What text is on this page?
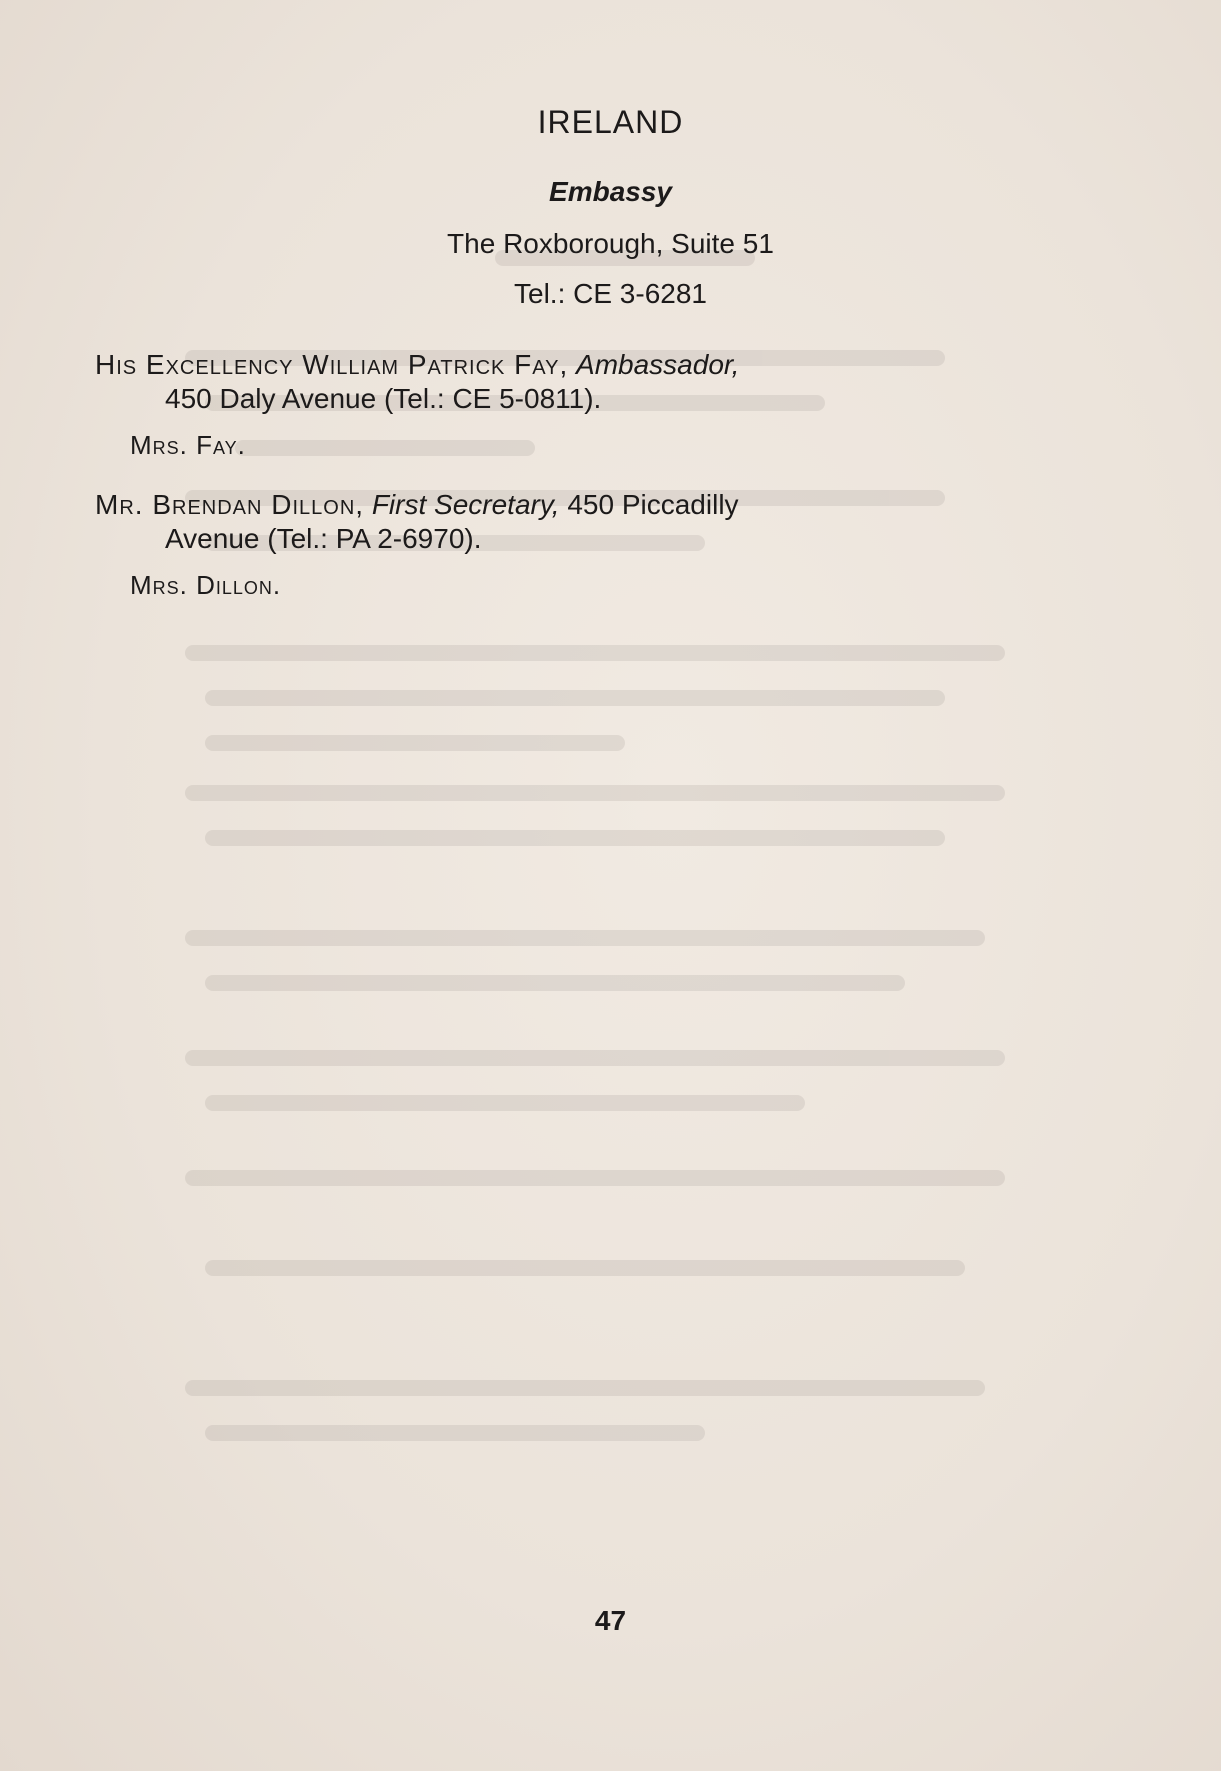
IRELAND
Embassy
The Roxborough, Suite 51
Tel.: CE 3-6281
His Excellency William Patrick Fay, Ambassador,
450 Daly Avenue (Tel.: CE 5-0811).
Mrs. Fay.
Mr. Brendan Dillon, First Secretary, 450 Piccadilly
Avenue (Tel.: PA 2-6970).
Mrs. Dillon.
47
